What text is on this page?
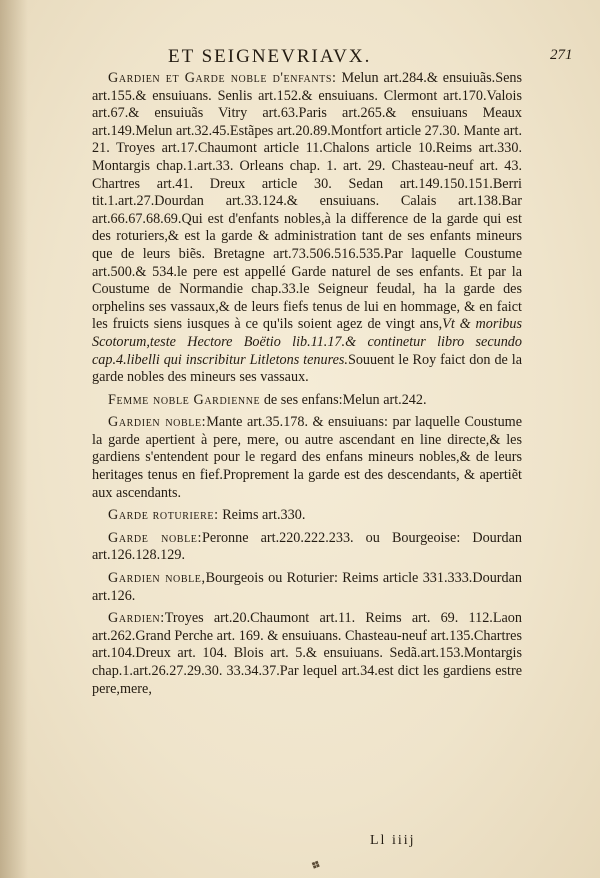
ET SEIGNEVRIAVX.	271

Gardien et Garde noble d'enfants: Melun art.284.& ensuiuãs.Sens art.155.& ensuiuans. Senlis art.152.& ensuiuans. Clermont art.170.Valois art.67.& ensuiuãs Vitry art.63.Paris art.265.& ensuiuans Meaux art.149.Melun art.32.45.Estãpes art.20.89.Montfort article 27.30. Mante art. 21. Troyes art.17.Chaumont article 11.Chalons article 10.Reims art.330. Montargis chap.1.art.33. Orleans chap. 1. art. 29. Chasteau-neuf art. 43. Chartres art.41. Dreux article 30. Sedan art.149.150.151.Berri tit.1.art.27.Dourdan art.33.124.& ensuiuans. Calais art.138.Bar art.66.67.68.69.Qui est d'enfants nobles,à la difference de la garde qui est des roturiers,& est la garde & administration tant de ses enfants mineurs que de leurs biẽs. Bretagne art.73.506.516.535.Par laquelle Coustume art.500.& 534.le pere est appellé Garde naturel de ses enfants. Et par la Coustume de Normandie chap.33.le Seigneur feudal, ha la garde des orphelins ses vassaux,& de leurs fiefs tenus de lui en hommage, & en faict les fruicts siens iusques à ce qu'ils soient agez de vingt ans,Vt & moribus Scotorum,teste Hectore Boëtio lib.11.17.& continetur libro secundo cap.4.libelli qui inscribitur Litletons tenures.Souuent le Roy faict don de la garde nobles des mineurs ses vassaux.

Femme noble Gardienne de ses enfans:Melun art.242.

Gardien noble:Mante art.35.178. & ensuiuans: par laquelle Coustume la garde apertient à pere, mere, ou autre ascendant en line directe,& les gardiens s'entendent pour le regard des enfans mineurs nobles,& de leurs heritages tenus en fief.Proprement la garde est des descendants, & apertiẽt aux ascendants.

Garde roturiere: Reims art.330.

Garde noble:Peronne art.220.222.233. ou Bourgeoise: Dourdan art.126.128.129.

Gardien noble,Bourgeois ou Roturier: Reims article 331.333.Dourdan art.126.

Gardien:Troyes art.20.Chaumont art.11. Reims art. 69. 112.Laon art.262.Grand Perche art. 169. & ensuiuans. Chasteau-neuf art.135.Chartres art.104.Dreux art. 104. Blois art. 5.& ensuiuans. Sedã.art.153.Montargis chap.1.art.26.27.29.30. 33.34.37.Par lequel art.34.est dict les gardiens estre pere,mere,

Ll iiij
❖
